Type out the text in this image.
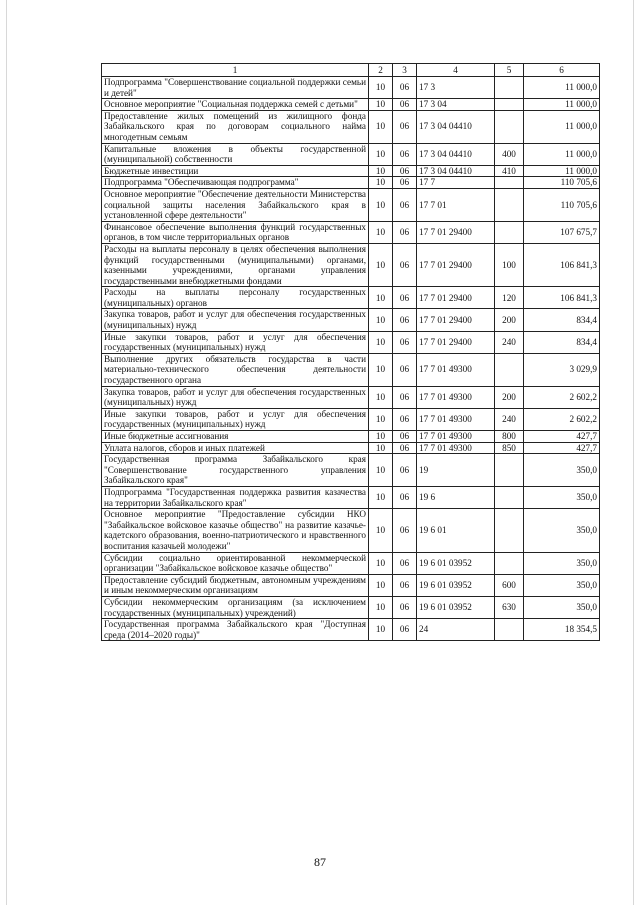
1	2	3	4	5	6
Подпрограмма "Совершенствование социальной поддержки семьи и детей"	10	06	17 3		11 000,0
Основное мероприятие "Социальная поддержка семей с детьми"	10	06	17 3 04		11 000,0
Предоставление жилых помещений из жилищного фонда Забайкальского края по договорам социального найма многодетным семьям	10	06	17 3 04 04410		11 000,0
Капитальные вложения в объекты государственной (муниципальной) собственности	10	06	17 3 04 04410	400	11 000,0
Бюджетные инвестиции	10	06	17 3 04 04410	410	11 000,0
Подпрограмма "Обеспечивающая подпрограмма"	10	06	17 7		110 705,6
Основное мероприятие "Обеспечение деятельности Министерства социальной защиты населения Забайкальского края в установленной сфере деятельности"	10	06	17 7 01		110 705,6
Финансовое обеспечение выполнения функций государственных органов, в том числе территориальных органов	10	06	17 7 01 29400		107 675,7
Расходы на выплаты персоналу в целях обеспечения выполнения функций государственными (муниципальными) органами, казенными учреждениями, органами управления государственными внебюджетными фондами	10	06	17 7 01 29400	100	106 841,3
Расходы на выплаты персоналу государственных (муниципальных) органов	10	06	17 7 01 29400	120	106 841,3
Закупка товаров, работ и услуг для обеспечения государственных (муниципальных) нужд	10	06	17 7 01 29400	200	834,4
Иные закупки товаров, работ и услуг для обеспечения государственных (муниципальных) нужд	10	06	17 7 01 29400	240	834,4
Выполнение других обязательств государства в части материально-технического обеспечения деятельности государственного органа	10	06	17 7 01 49300		3 029,9
Закупка товаров, работ и услуг для обеспечения государственных (муниципальных) нужд	10	06	17 7 01 49300	200	2 602,2
Иные закупки товаров, работ и услуг для обеспечения государственных (муниципальных) нужд	10	06	17 7 01 49300	240	2 602,2
Иные бюджетные ассигнования	10	06	17 7 01 49300	800	427,7
Уплата налогов, сборов и иных платежей	10	06	17 7 01 49300	850	427,7
Государственная программа Забайкальского края "Совершенствование государственного управления Забайкальского края"	10	06	19		350,0
Подпрограмма "Государственная поддержка развития казачества на территории Забайкальского края"	10	06	19 6		350,0
Основное мероприятие "Предоставление субсидии НКО "Забайкальское войсковое казачье общество" на развитие казачье-кадетского образования, военно-патриотического и нравственного воспитания казачьей молодежи"	10	06	19 6 01		350,0
Субсидии социально ориентированной некоммерческой организации "Забайкальское войсковое казачье общество"	10	06	19 6 01 03952		350,0
Предоставление субсидий бюджетным, автономным учреждениям и иным некоммерческим организациям	10	06	19 6 01 03952	600	350,0
Субсидии некоммерческим организациям (за исключением государственных (муниципальных) учреждений)	10	06	19 6 01 03952	630	350,0
Государственная программа Забайкальского края "Доступная среда (2014–2020 годы)"	10	06	24		18 354,5
87
